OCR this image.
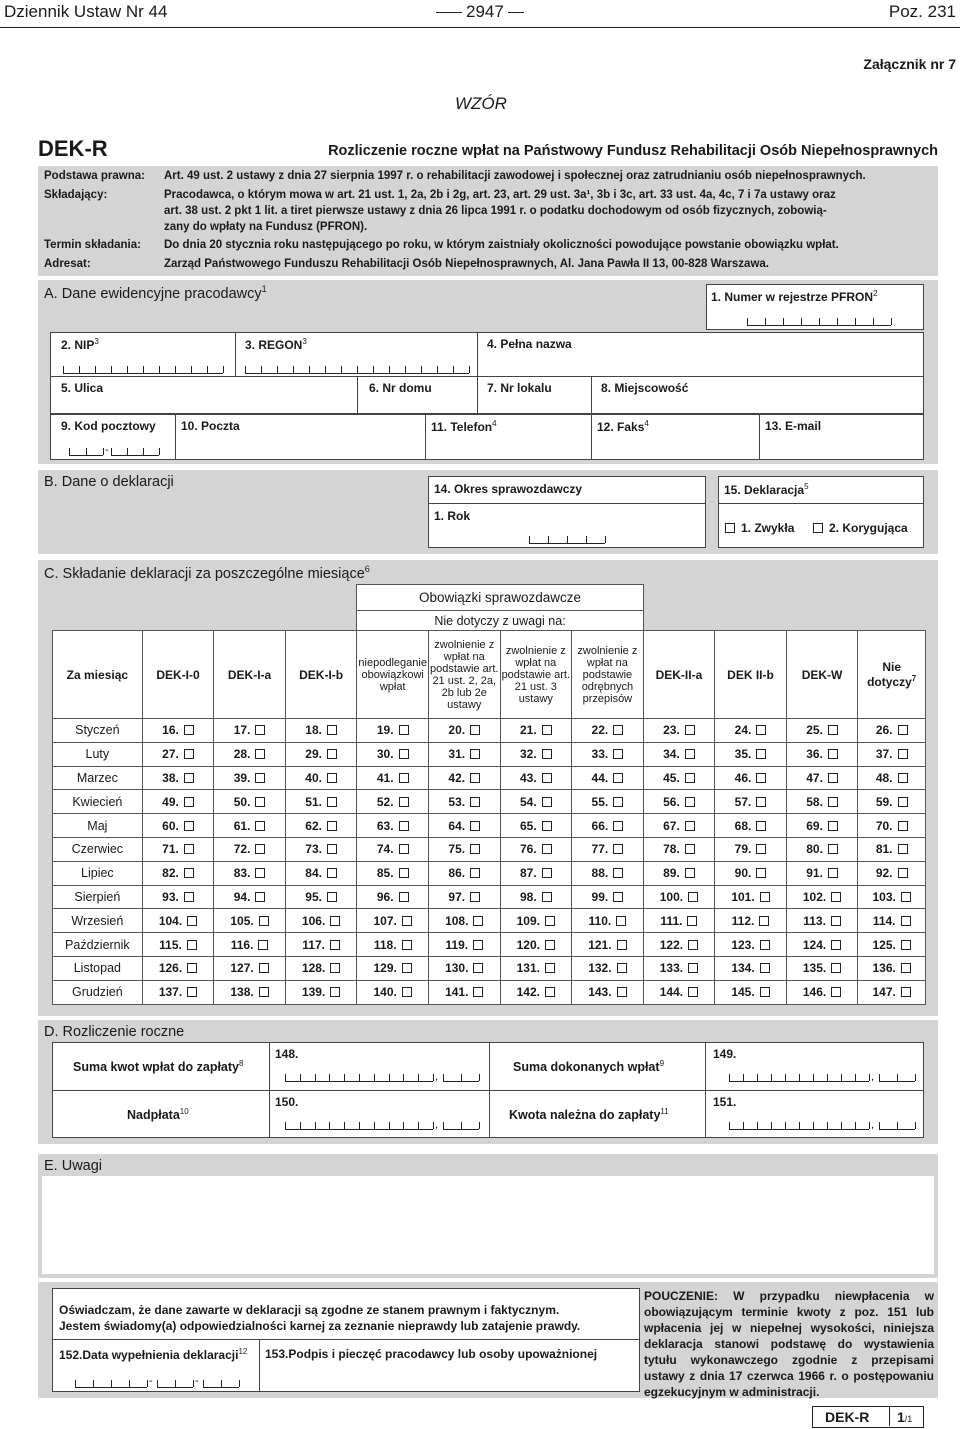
Dziennik Ustaw Nr 44	2947	Poz. 231
Załącznik nr 7
WZÓR
DEK-R	Rozliczenie roczne wpłat na Państwowy Fundusz Rehabilitacji Osób Niepełnosprawnych
Podstawa prawna:	Art. 49 ust. 2 ustawy z dnia 27 sierpnia 1997 r. o rehabilitacji zawodowej i społecznej oraz zatrudnianiu osób niepełnosprawnych.
Składający:	Pracodawca, o którym mowa w art. 21 ust. 1, 2a, 2b i 2g, art. 23, art. 29 ust. 3a¹, 3b i 3c, art. 33 ust. 4a, 4c, 7 i 7a ustawy oraz
art. 38 ust. 2 pkt 1 lit. a tiret pierwsze ustawy z dnia 26 lipca 1991 r. o podatku dochodowym od osób fizycznych, zobowią-
zany do wpłaty na Fundusz (PFRON).
Termin składania: Do dnia 20 stycznia roku następującego po roku, w którym zaistniały okoliczności powodujące powstanie obowiązku wpłat.
Adresat:	Zarząd Państwowego Funduszu Rehabilitacji Osób Niepełnosprawnych, Al. Jana Pawła II 13, 00-828 Warszawa.
A. Dane ewidencyjne pracodawcy$^1$
1. Numer w rejestrze PFRON$^2$
2. NIP$^3$	3. REGON$^3$	4. Pełna nazwa
5. Ulica	6. Nr domu	7. Nr lokalu	8. Miejscowość
9. Kod pocztowy
-
10. Poczta	11. Telefon$^4$	12. Faks$^4$	13. E-mail
B. Dane o deklaracji	14. Okres sprawozdawczy
1. Rok
15. Deklaracja$^5$
1. Zwykła	2. Korygująca
C. Składanie deklaracji za poszczególne miesiące$^6$
				Obowiązki sprawozdawcze							
				Nie dotyczy z uwagi na:							
Za miesiąc	DEK-I-0	DEK-I-a	DEK-I-b	niepodleganie obowiązkowi wpłat	zwolnienie z wpłat na podstawie art. 21 ust. 2, 2a, 2b lub 2e ustawy	zwolnienie z wpłat na podstawie art. 21 ust. 3 ustawy	zwolnienie z wpłat na podstawie odrębnych przepisów	DEK-II-a	DEK II-b	DEK-W	Nie dotyczy$^7$
Styczeń	16.	17.	18.	19.	20.	21.	22.	23.	24.	25.	26.
Luty	27.	28.	29.	30.	31.	32.	33.	34.	35.	36.	37.
Marzec	38.	39.	40.	41.	42.	43.	44.	45.	46.	47.	48.
Kwiecień	49.	50.	51.	52.	53.	54.	55.	56.	57.	58.	59.
Maj	60.	61.	62.	63.	64.	65.	66.	67.	68.	69.	70.
Czerwiec	71.	72.	73.	74.	75.	76.	77.	78.	79.	80.	81.
Lipiec	82.	83.	84.	85.	86.	87.	88.	89.	90.	91.	92.
Sierpień	93.	94.	95.	96.	97.	98.	99.	100.	101.	102.	103.
Wrzesień	104.	105.	106.	107.	108.	109.	110.	111.	112.	113.	114.
Październik	115.	116.	117.	118.	119.	120.	121.	122.	123.	124.	125.
Listopad	126.	127.	128.	129.	130.	131.	132.	133.	134.	135.	136.
Grudzień	137.	138.	139.	140.	141.	142.	143.	144.	145.	146.	147.
D. Rozliczenie roczne
Suma kwot wpłat do zapłaty$^8$
148.
,
Suma dokonanych wpłat$^9$
149.
,
Nadpłata$^{10}$
150.
,
Kwota należna do zapłaty$^{11}$
151.
,
E. Uwagi
Oświadczam, że dane zawarte w deklaracji są zgodne ze stanem prawnym i faktycznym.
Jestem świadomy(a) odpowiedzialności karnej za zeznanie nieprawdy lub zatajenie prawdy.
152.Data wypełnienia deklaracji$^{12}$
-	-
153.Podpis i pieczęć pracodawcy lub osoby upoważnionej
POUCZENIE: W przypadku niewpłacenia w obowiązującym terminie kwoty z poz. 151 lub wpłacenia jej w niepełnej wysokości, niniejsza deklaracja stanowi podstawę do wystawienia tytułu wykonawczego zgodnie z przepisami ustawy z dnia 17 czerwca 1966 r. o postępowaniu egzekucyjnym w administracji.
DEK-R 1/1
